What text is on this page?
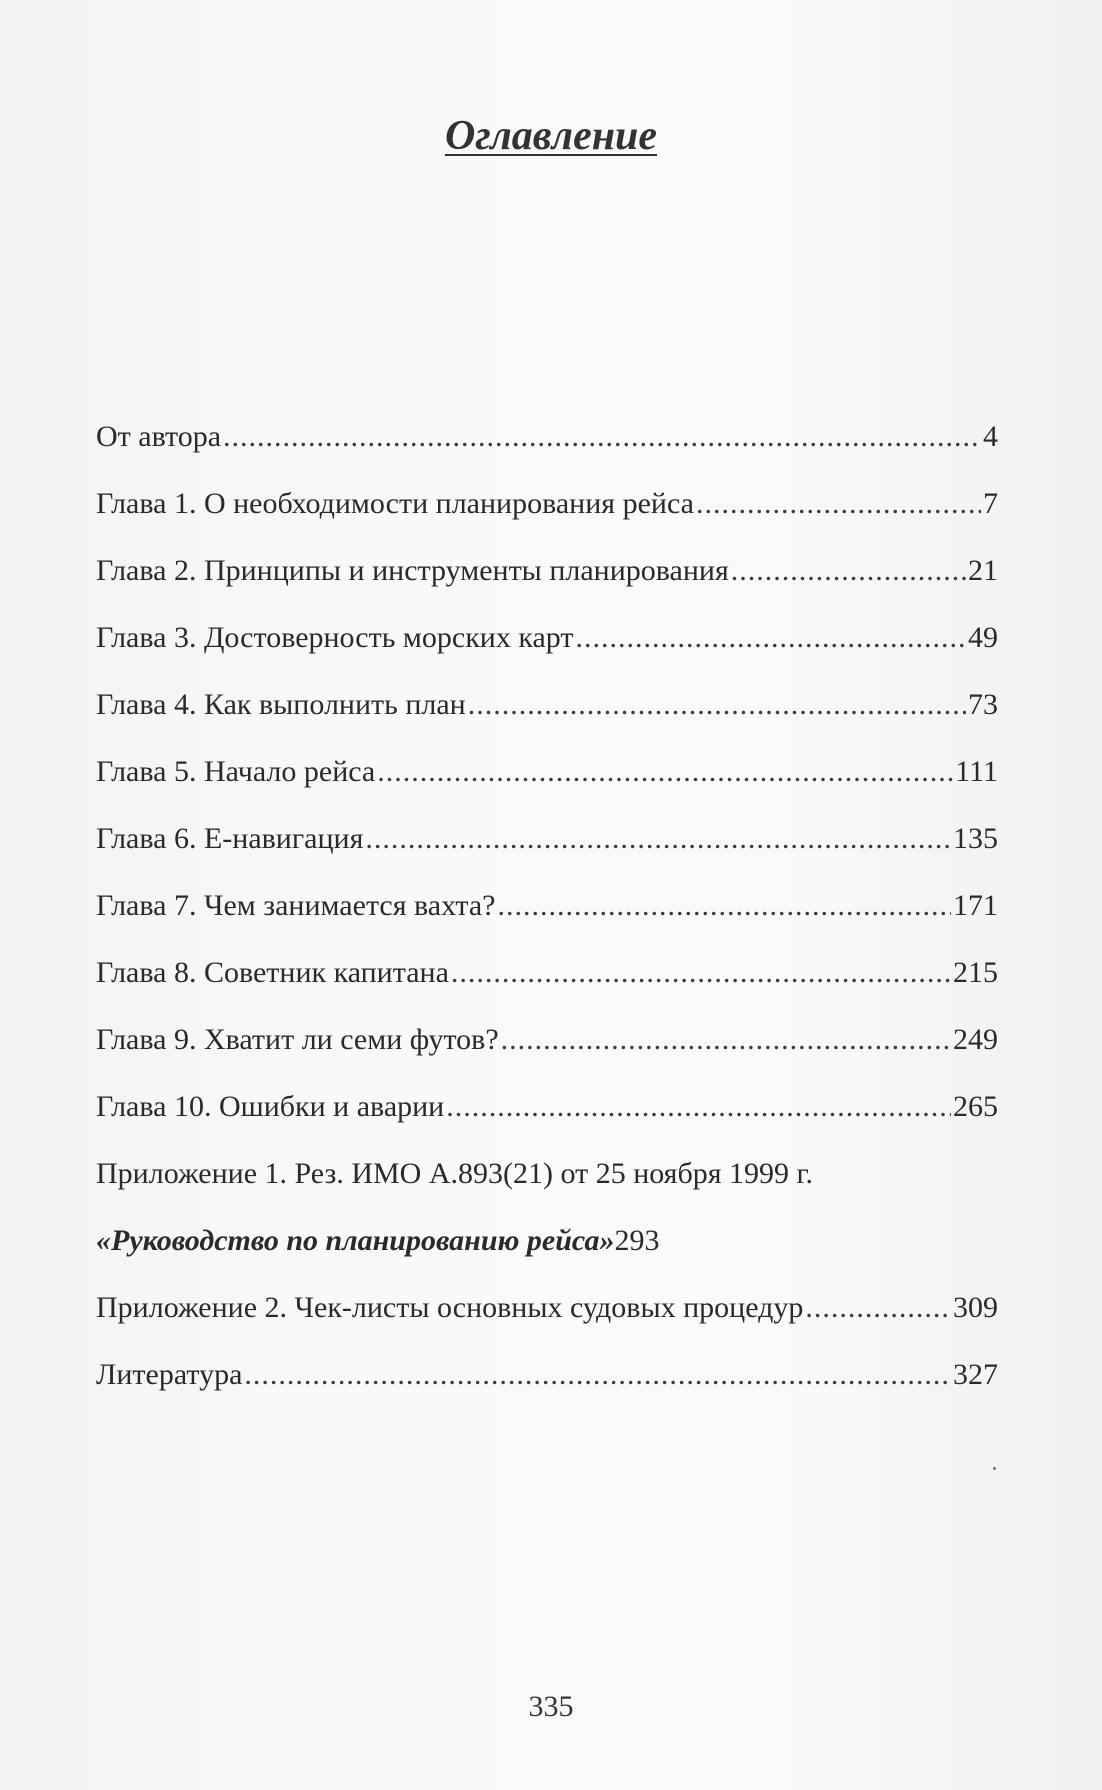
Оглавление
От автора .....	4
Глава 1. О необходимости планирования рейса .....	7
Глава 2. Принципы и инструменты планирования .....	21
Глава 3. Достоверность морских карт .....	49
Глава 4. Как выполнить план .....	73
Глава 5. Начало рейса .....	111
Глава 6. Е-навигация .....	135
Глава 7. Чем занимается вахта? .....	171
Глава 8. Советник капитана .....	215
Глава 9. Хватит ли семи футов? .....	249
Глава 10. Ошибки и аварии .....	265
Приложение 1. Рез. ИМО А.893(21) от 25 ноября 1999 г.
«Руководство по планированию рейса» 293
Приложение 2. Чек-листы основных судовых процедур .....	309
Литература .....	327
335
